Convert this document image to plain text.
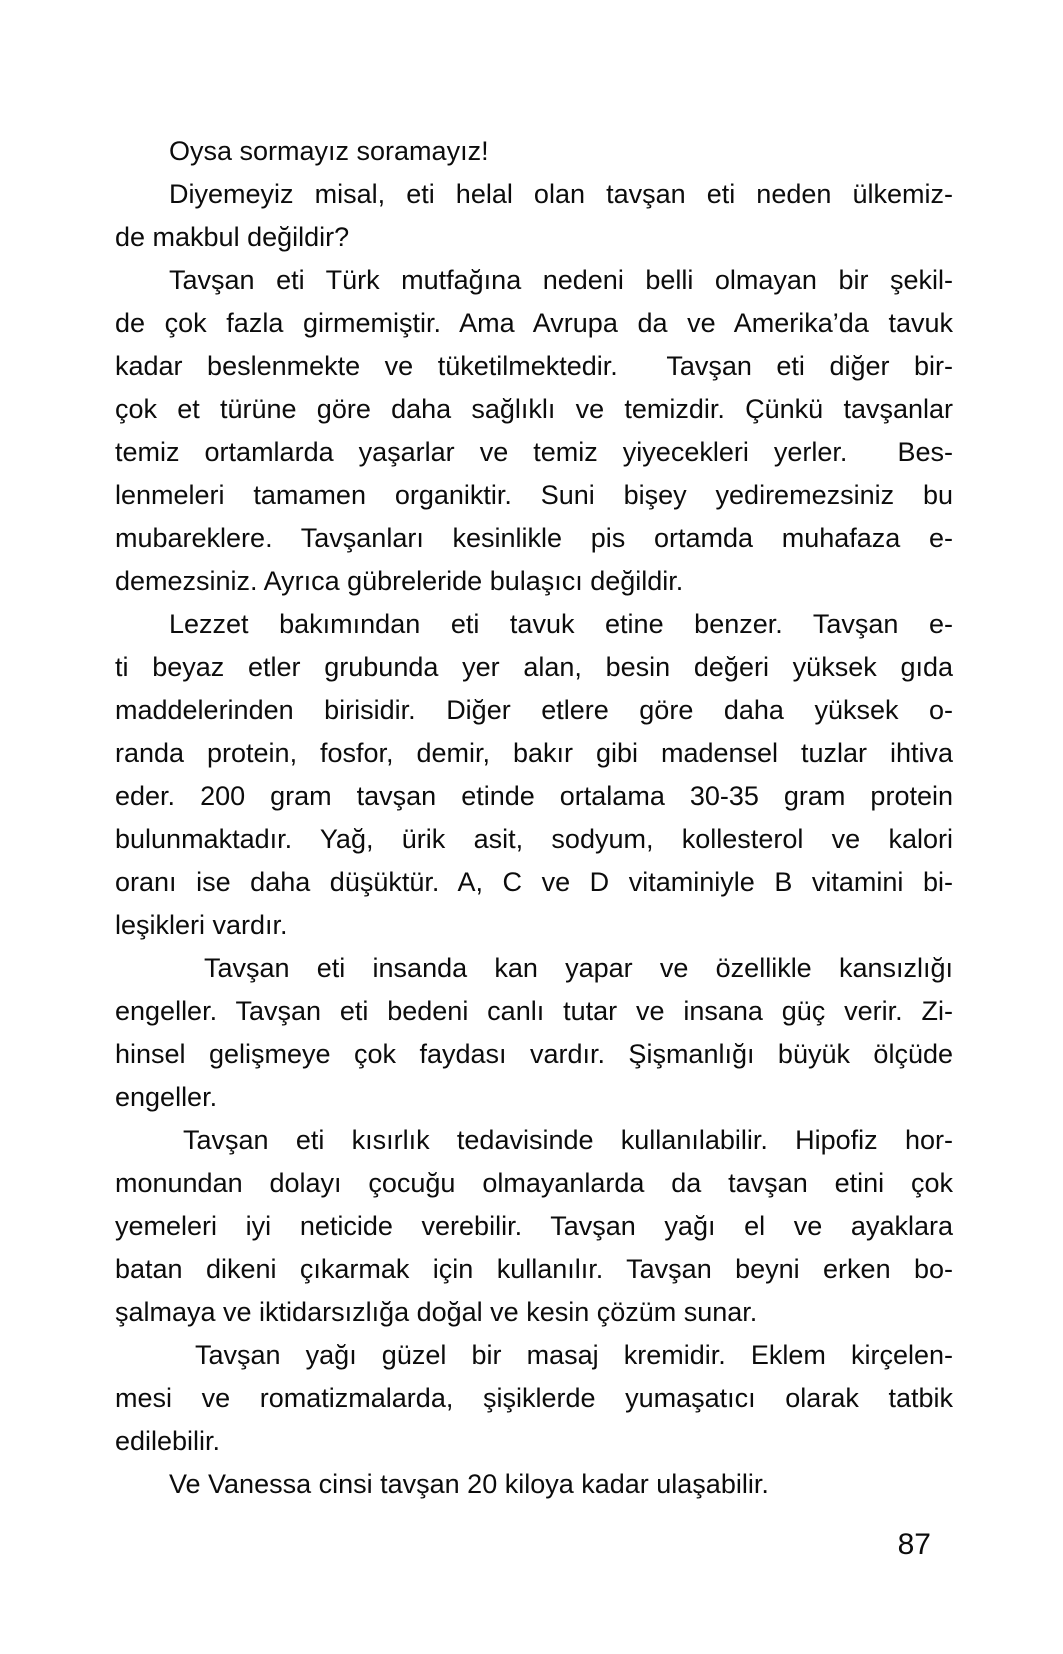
Oysa sormayız soramayız!
Diyemeyiz misal, eti helal olan tavşan eti neden ülkemiz-
de makbul değildir?
Tavşan eti Türk mutfağına nedeni belli olmayan bir şekil-
de çok fazla girmemiştir. Ama Avrupa da ve Amerika’da tavuk
kadar beslenmekte ve tüketilmektedir.  Tavşan eti diğer bir-
çok et türüne göre daha sağlıklı ve temizdir. Çünkü tavşanlar
temiz ortamlarda yaşarlar ve temiz yiyecekleri yerler.  Bes-
lenmeleri tamamen organiktir. Suni bişey yediremezsiniz bu
mubareklere. Tavşanları kesinlikle pis ortamda muhafaza e-
demezsiniz. Ayrıca gübreleride bulaşıcı değildir.
Lezzet bakımından eti tavuk etine benzer. Tavşan e-
ti beyaz etler grubunda yer alan, besin değeri yüksek gıda
maddelerinden birisidir. Diğer etlere göre daha yüksek o-
randa protein, fosfor, demir, bakır gibi madensel tuzlar ihtiva
eder. 200 gram tavşan etinde ortalama 30-35 gram protein
bulunmaktadır. Yağ, ürik asit, sodyum, kollesterol ve kalori
oranı ise daha düşüktür. A, C ve D vitaminiyle B vitamini bi-
leşikleri vardır.
Tavşan eti insanda kan yapar ve özellikle kansızlığı
engeller. Tavşan eti bedeni canlı tutar ve insana güç verir. Zi-
hinsel gelişmeye çok faydası vardır. Şişmanlığı büyük ölçüde
engeller.
Tavşan eti kısırlık tedavisinde kullanılabilir. Hipofiz hor-
monundan dolayı çocuğu olmayanlarda da tavşan etini çok
yemeleri iyi neticide verebilir. Tavşan yağı el ve ayaklara
batan dikeni çıkarmak için kullanılır. Tavşan beyni erken bo-
şalmaya ve iktidarsızlığa doğal ve kesin çözüm sunar.
Tavşan yağı güzel bir masaj kremidir. Eklem kirçelen-
mesi ve romatizmalarda, şişiklerde yumaşatıcı olarak tatbik
edilebilir.
Ve Vanessa cinsi tavşan 20 kiloya kadar ulaşabilir.
87
